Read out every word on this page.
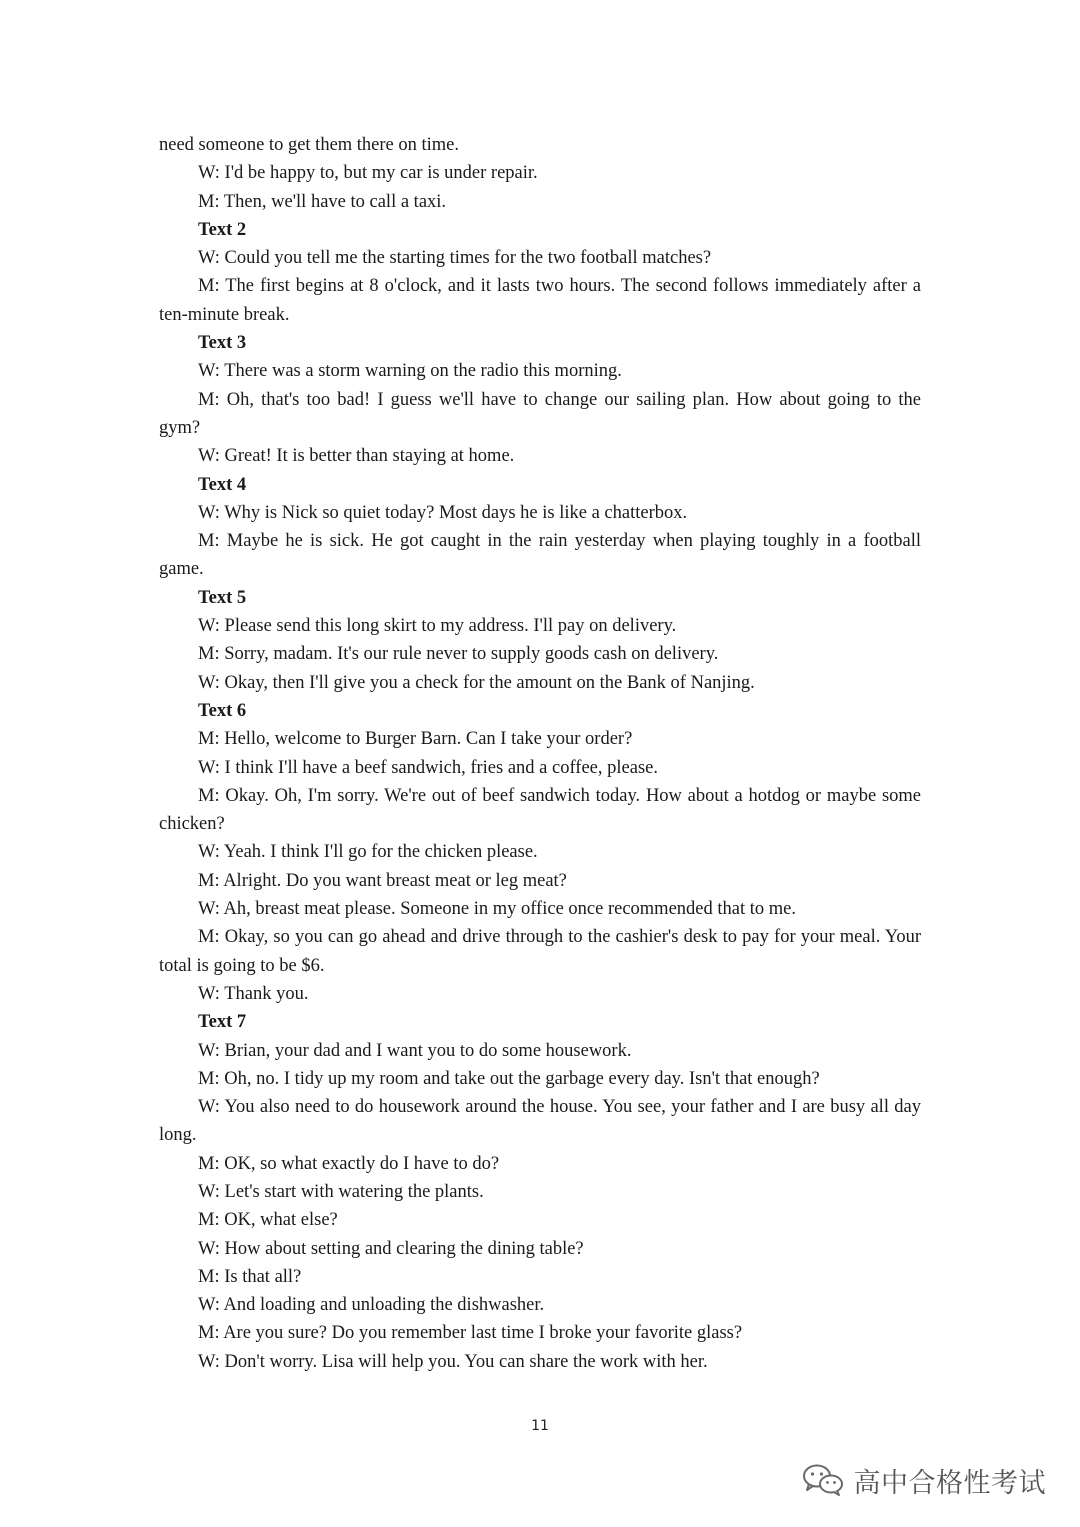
need someone to get them there on time.

W: I'd be happy to, but my car is under repair.

M: Then, we'll have to call a taxi.

Text 2

W: Could you tell me the starting times for the two football matches?

M: The first begins at 8 o'clock, and it lasts two hours. The second follows immediately after a ten-minute break.

Text 3

W: There was a storm warning on the radio this morning.

M: Oh, that's too bad! I guess we'll have to change our sailing plan. How about going to the gym?

W: Great! It is better than staying at home.

Text 4

W: Why is Nick so quiet today? Most days he is like a chatterbox.

M: Maybe he is sick. He got caught in the rain yesterday when playing toughly in a football game.

Text 5

W: Please send this long skirt to my address. I'll pay on delivery.

M: Sorry, madam. It's our rule never to supply goods cash on delivery.

W: Okay, then I'll give you a check for the amount on the Bank of Nanjing.

Text 6

M: Hello, welcome to Burger Barn. Can I take your order?

W: I think I'll have a beef sandwich, fries and a coffee, please.

M: Okay. Oh, I'm sorry. We're out of beef sandwich today. How about a hotdog or maybe some chicken?

W: Yeah. I think I'll go for the chicken please.

M: Alright. Do you want breast meat or leg meat?

W: Ah, breast meat please. Someone in my office once recommended that to me.

M: Okay, so you can go ahead and drive through to the cashier's desk to pay for your meal. Your total is going to be $6.

W: Thank you.

Text 7

W: Brian, your dad and I want you to do some housework.

M: Oh, no. I tidy up my room and take out the garbage every day. Isn't that enough?

W: You also need to do housework around the house. You see, your father and I are busy all day long.

M: OK, so what exactly do I have to do?

W: Let's start with watering the plants.

M: OK, what else?

W: How about setting and clearing the dining table?

M: Is that all?

W: And loading and unloading the dishwasher.

M: Are you sure? Do you remember last time I broke your favorite glass?

W: Don't worry. Lisa will help you. You can share the work with her.

11
高中合格性考试
